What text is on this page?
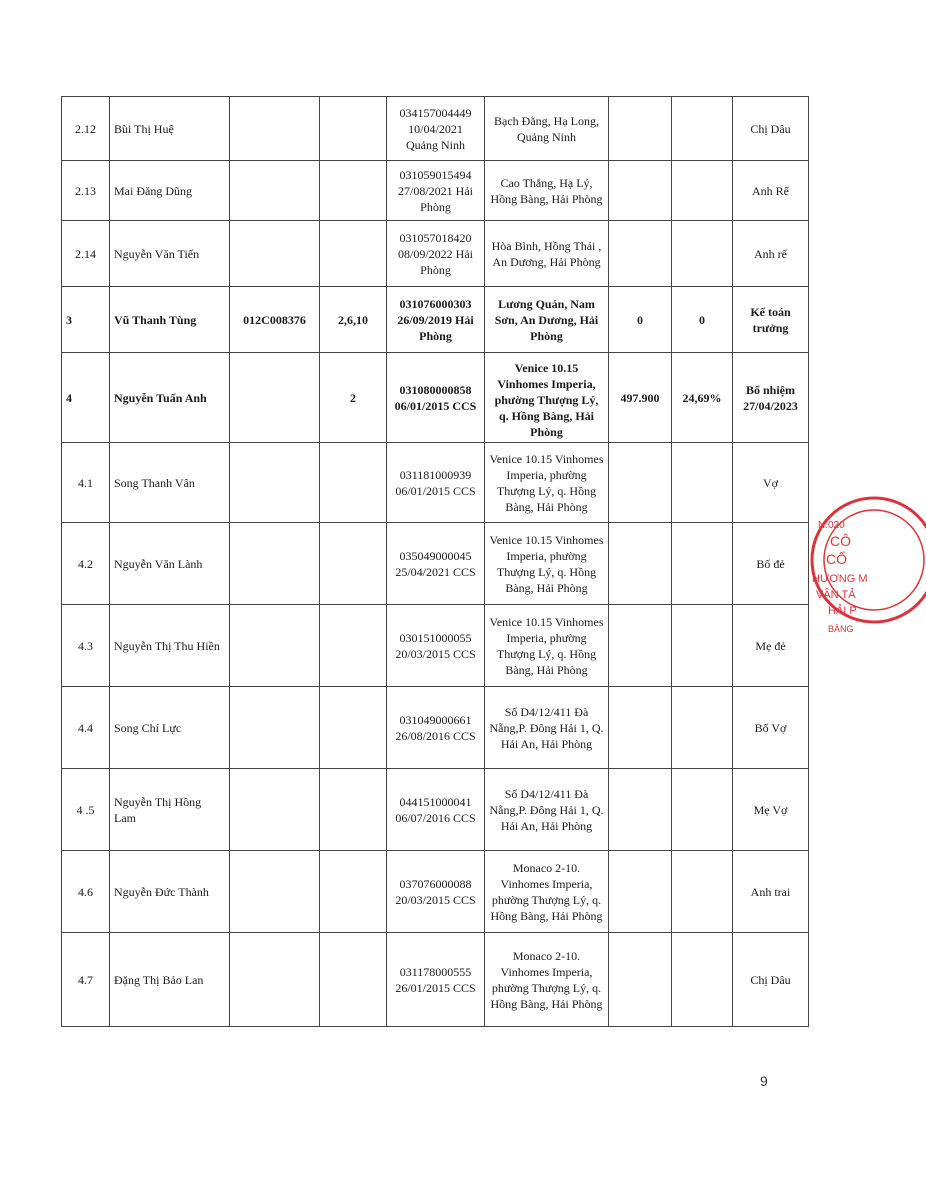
2.12	Bùi Thị Huệ			034157004449 10/04/2021 Quảng Ninh	Bạch Đằng, Hạ Long, Quảng Ninh			Chị Dâu

2.13	Mai Đăng Dũng			031059015494 27/08/2021 Hải Phòng	Cao Thắng, Hạ Lý, Hồng Bàng, Hải Phòng			Anh Rể

2.14	Nguyễn Văn Tiến			031057018420 08/09/2022 Hải Phòng	Hòa Bình, Hồng Thái , An Dương, Hải Phòng			Anh rể

3	Vũ Thanh Tùng	012C008376	2,6,10	031076000303 26/09/2019 Hải Phòng	Lương Quán, Nam Sơn, An Dương, Hải Phòng	0	0	Kế toán trưởng

4	Nguyễn Tuấn Anh		2	031080000858 06/01/2015 CCS	Venice 10.15 Vinhomes Imperia, phường Thượng Lý, q. Hồng Bàng, Hải Phòng	497.900	24,69%	Bổ nhiệm 27/04/2023

4.1	Song Thanh Vân			031181000939 06/01/2015 CCS	Venice 10.15 Vinhomes Imperia, phường Thượng Lý, q. Hồng Bàng, Hải Phòng			Vợ

4.2	Nguyễn Văn Lành			035049000045 25/04/2021 CCS	Venice 10.15 Vinhomes Imperia, phường Thượng Lý, q. Hồng Bàng, Hải Phòng			Bố đẻ

4.3	Nguyễn Thị Thu Hiền			030151000055 20/03/2015 CCS	Venice 10.15 Vinhomes Imperia, phường Thượng Lý, q. Hồng Bàng, Hải Phòng			Mẹ đẻ

4.4	Song Chí Lực			031049000661 26/08/2016 CCS	Số D4/12/411 Đà Nẵng,P. Đông Hải 1, Q. Hải An, Hải Phòng			Bố Vợ

4 .5	Nguyễn Thị Hồng Lam			044151000041 06/07/2016 CCS	Số D4/12/411 Đà Nẵng,P. Đông Hải 1, Q. Hải An, Hải Phòng			Mẹ Vợ

4.6	Nguyễn Đức Thành			037076000088 20/03/2015 CCS	Monaco 2-10. Vinhomes Imperia, phường Thượng Lý, q. Hồng Bàng, Hải Phòng			Anh trai

4.7	Đặng Thị Bảo Lan			031178000555 26/01/2015 CCS	Monaco 2-10. Vinhomes Imperia, phường Thượng Lý, q. Hồng Bàng, Hải Phòng			Chị Dâu
9
N:020
CÔ
CỔ
HƯƠNG M
VẬN TẢ
HẢI P
BÀNG
